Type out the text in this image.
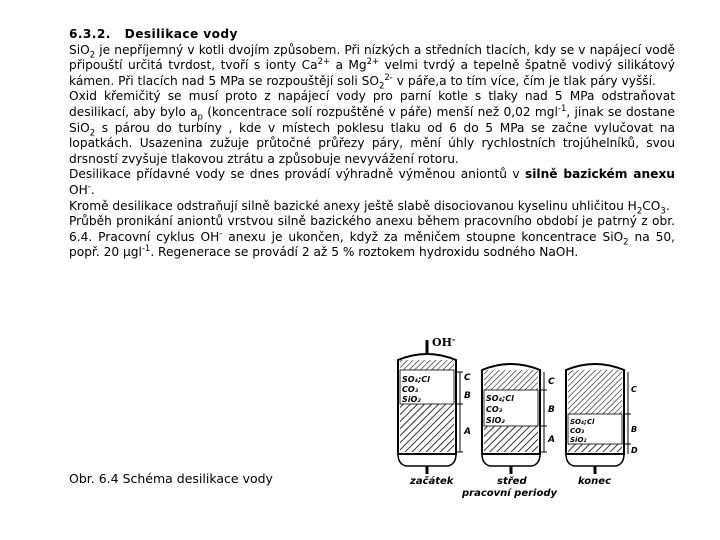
6.3.2. Desilikace vody

SiO$_2$ je nepříjemný v kotli dvojím způsobem. Při nízkých a středních tlacích, kdy se v napájecí vodě připouští určitá tvrdost, tvoří s ionty $Ca^{2+}$ a $Mg^{2+}$ velmi tvrdý a tepelně špatně vodivý silikátový kámen. Při tlacích nad 5 MPa se rozpouštějí soli $SO_2^{2-}$ v páře,a to tím více, čím je tlak páry vyšší.

Oxid křemičitý se musí proto z napájecí vody pro parní kotle s tlaky nad 5 MPa odstraňovat desilikací, aby bylo $a_p$ (koncentrace solí rozpuštěné v páře) menší než 0,02 mgl$^{-1}$, jinak se dostane SiO$_2$ s párou do turbíny , kde v místech poklesu tlaku od 6 do 5 MPa se začne vylučovat na lopatkách. Usazenina zužuje průtočné průřezy páry, mění úhly rychlostních trojúhelníků, svou drsností zvyšuje tlakovou ztrátu a způsobuje nevyvážení rotoru.

Desilikace přídavné vody se dnes provádí výhradně výměnou aniontů v silně bazickém anexu OH-.

Kromě desilikace odstraňují silně bazické anexy ještě slabě disociovanou kyselinu uhličitou $H_2CO_3$.

Průběh pronikání aniontů vrstvou silně bazického anexu během pracovního období je patrný z obr. 6.4. Pracovní cyklus OH- anexu je ukončen, když za měničem stoupne koncentrace SiO$_2$ na 50, popř. 20 μgl$^{-1}$. Regenerace se provádí 2 až 5 % roztokem hydroxidu sodného NaOH.

Obr. 6.4 Schéma desilikace vody
OH-
SO₄;Cl
CO₃
SiO₂
A
B
C
SO₄;Cl
CO₃
SiO₂
A
B
C
SO₄;Cl
CO₃
SiO₂
B
C
D
začátek	střed	konec
pracovní periody
